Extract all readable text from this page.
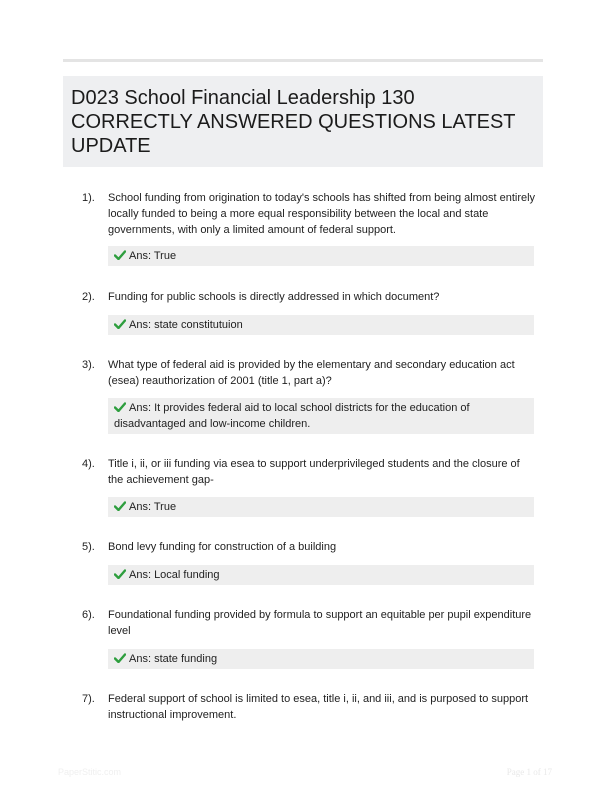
D023 School Financial Leadership 130 CORRECTLY ANSWERED QUESTIONS LATEST UPDATE
1).	School funding from origination to today's schools has shifted from being almost entirely locally funded to being a more equal responsibility between the local and state governments, with only a limited amount of federal support.
Ans: True
2).	Funding for public schools is directly addressed in which document?
Ans: state constitutuion
3).	What type of federal aid is provided by the elementary and secondary education act (esea) reauthorization of 2001 (title 1, part a)?
Ans: It provides federal aid to local school districts for the education of disadvantaged and low-income children.
4).	Title i, ii, or iii funding via esea to support underprivileged students and the closure of the achievement gap-
Ans: True
5).	Bond levy funding for construction of a building
Ans: Local funding
6).	Foundational funding provided by formula to support an equitable per pupil expenditure level
Ans: state funding
7).	Federal support of school is limited to esea, title i, ii, and iii, and is purposed to support instructional improvement.
PaperStitic.com	Page 1 of 17
